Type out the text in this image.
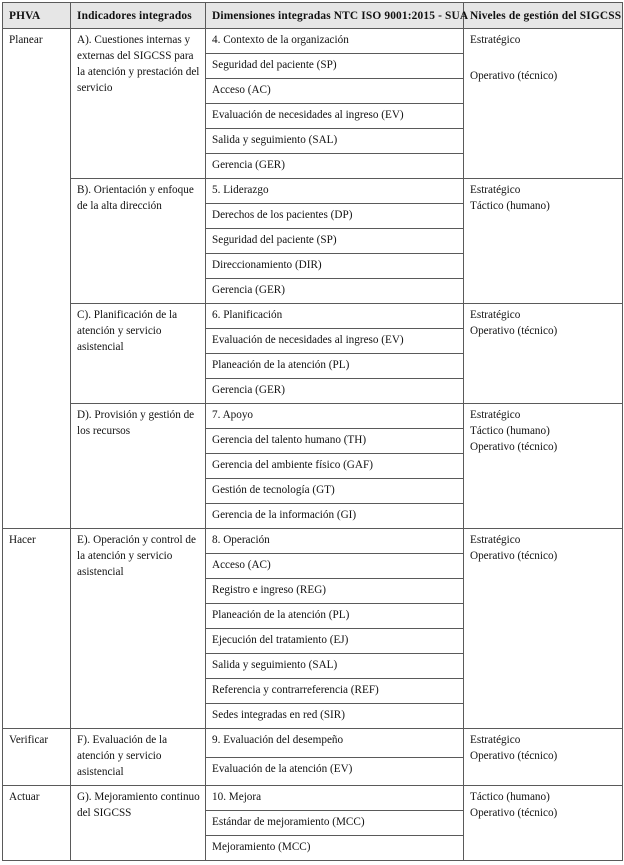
PHVA	Indicadores integrados	Dimensiones integradas NTC ISO 9001:2015 - SUA	Niveles de gestión del SIGCSS
Planear	A). Cuestiones internas y externas del SIGCSS para la atención y prestación del servicio	4. Contexto de la organización	Estratégico
Operativo (técnico)

		Seguridad del paciente (SP)	
		Acceso (AC)	
		Evaluación de necesidades al ingreso (EV)	
		Salida y seguimiento (SAL)	
		Gerencia (GER)	
	B). Orientación y enfoque de la alta dirección	5. Liderazgo	Estratégico
Táctico (humano)

		Derechos de los pacientes (DP)	
		Seguridad del paciente (SP)	
		Direccionamiento (DIR)	
		Gerencia (GER)	
	C). Planificación de la atención y servicio asistencial	6. Planificación	Estratégico
Operativo (técnico)

		Evaluación de necesidades al ingreso (EV)	
		Planeación de la atención (PL)	
		Gerencia (GER)	
	D). Provisión y gestión de los recursos	7. Apoyo	Estratégico
Táctico (humano)
Operativo (técnico)

		Gerencia del talento humano (TH)	
		Gerencia del ambiente físico (GAF)	
		Gestión de tecnología (GT)	
		Gerencia de la información (GI)	
Hacer	E). Operación y control de la atención y servicio asistencial	8. Operación	Estratégico
Operativo (técnico)

		Acceso (AC)	
		Registro e ingreso (REG)	
		Planeación de la atención (PL)	
		Ejecución del tratamiento (EJ)	
		Salida y seguimiento (SAL)	
		Referencia y contrarreferencia (REF)	
		Sedes integradas en red (SIR)	
Verificar	F). Evaluación de la atención y servicio asistencial	9. Evaluación del desempeño	Estratégico
Operativo (técnico)

		Evaluación de la atención (EV)	
Actuar	G). Mejoramiento continuo del SIGCSS	10. Mejora	Táctico (humano)
Operativo (técnico)

		Estándar de mejoramiento (MCC)	
		Mejoramiento (MCC)	
